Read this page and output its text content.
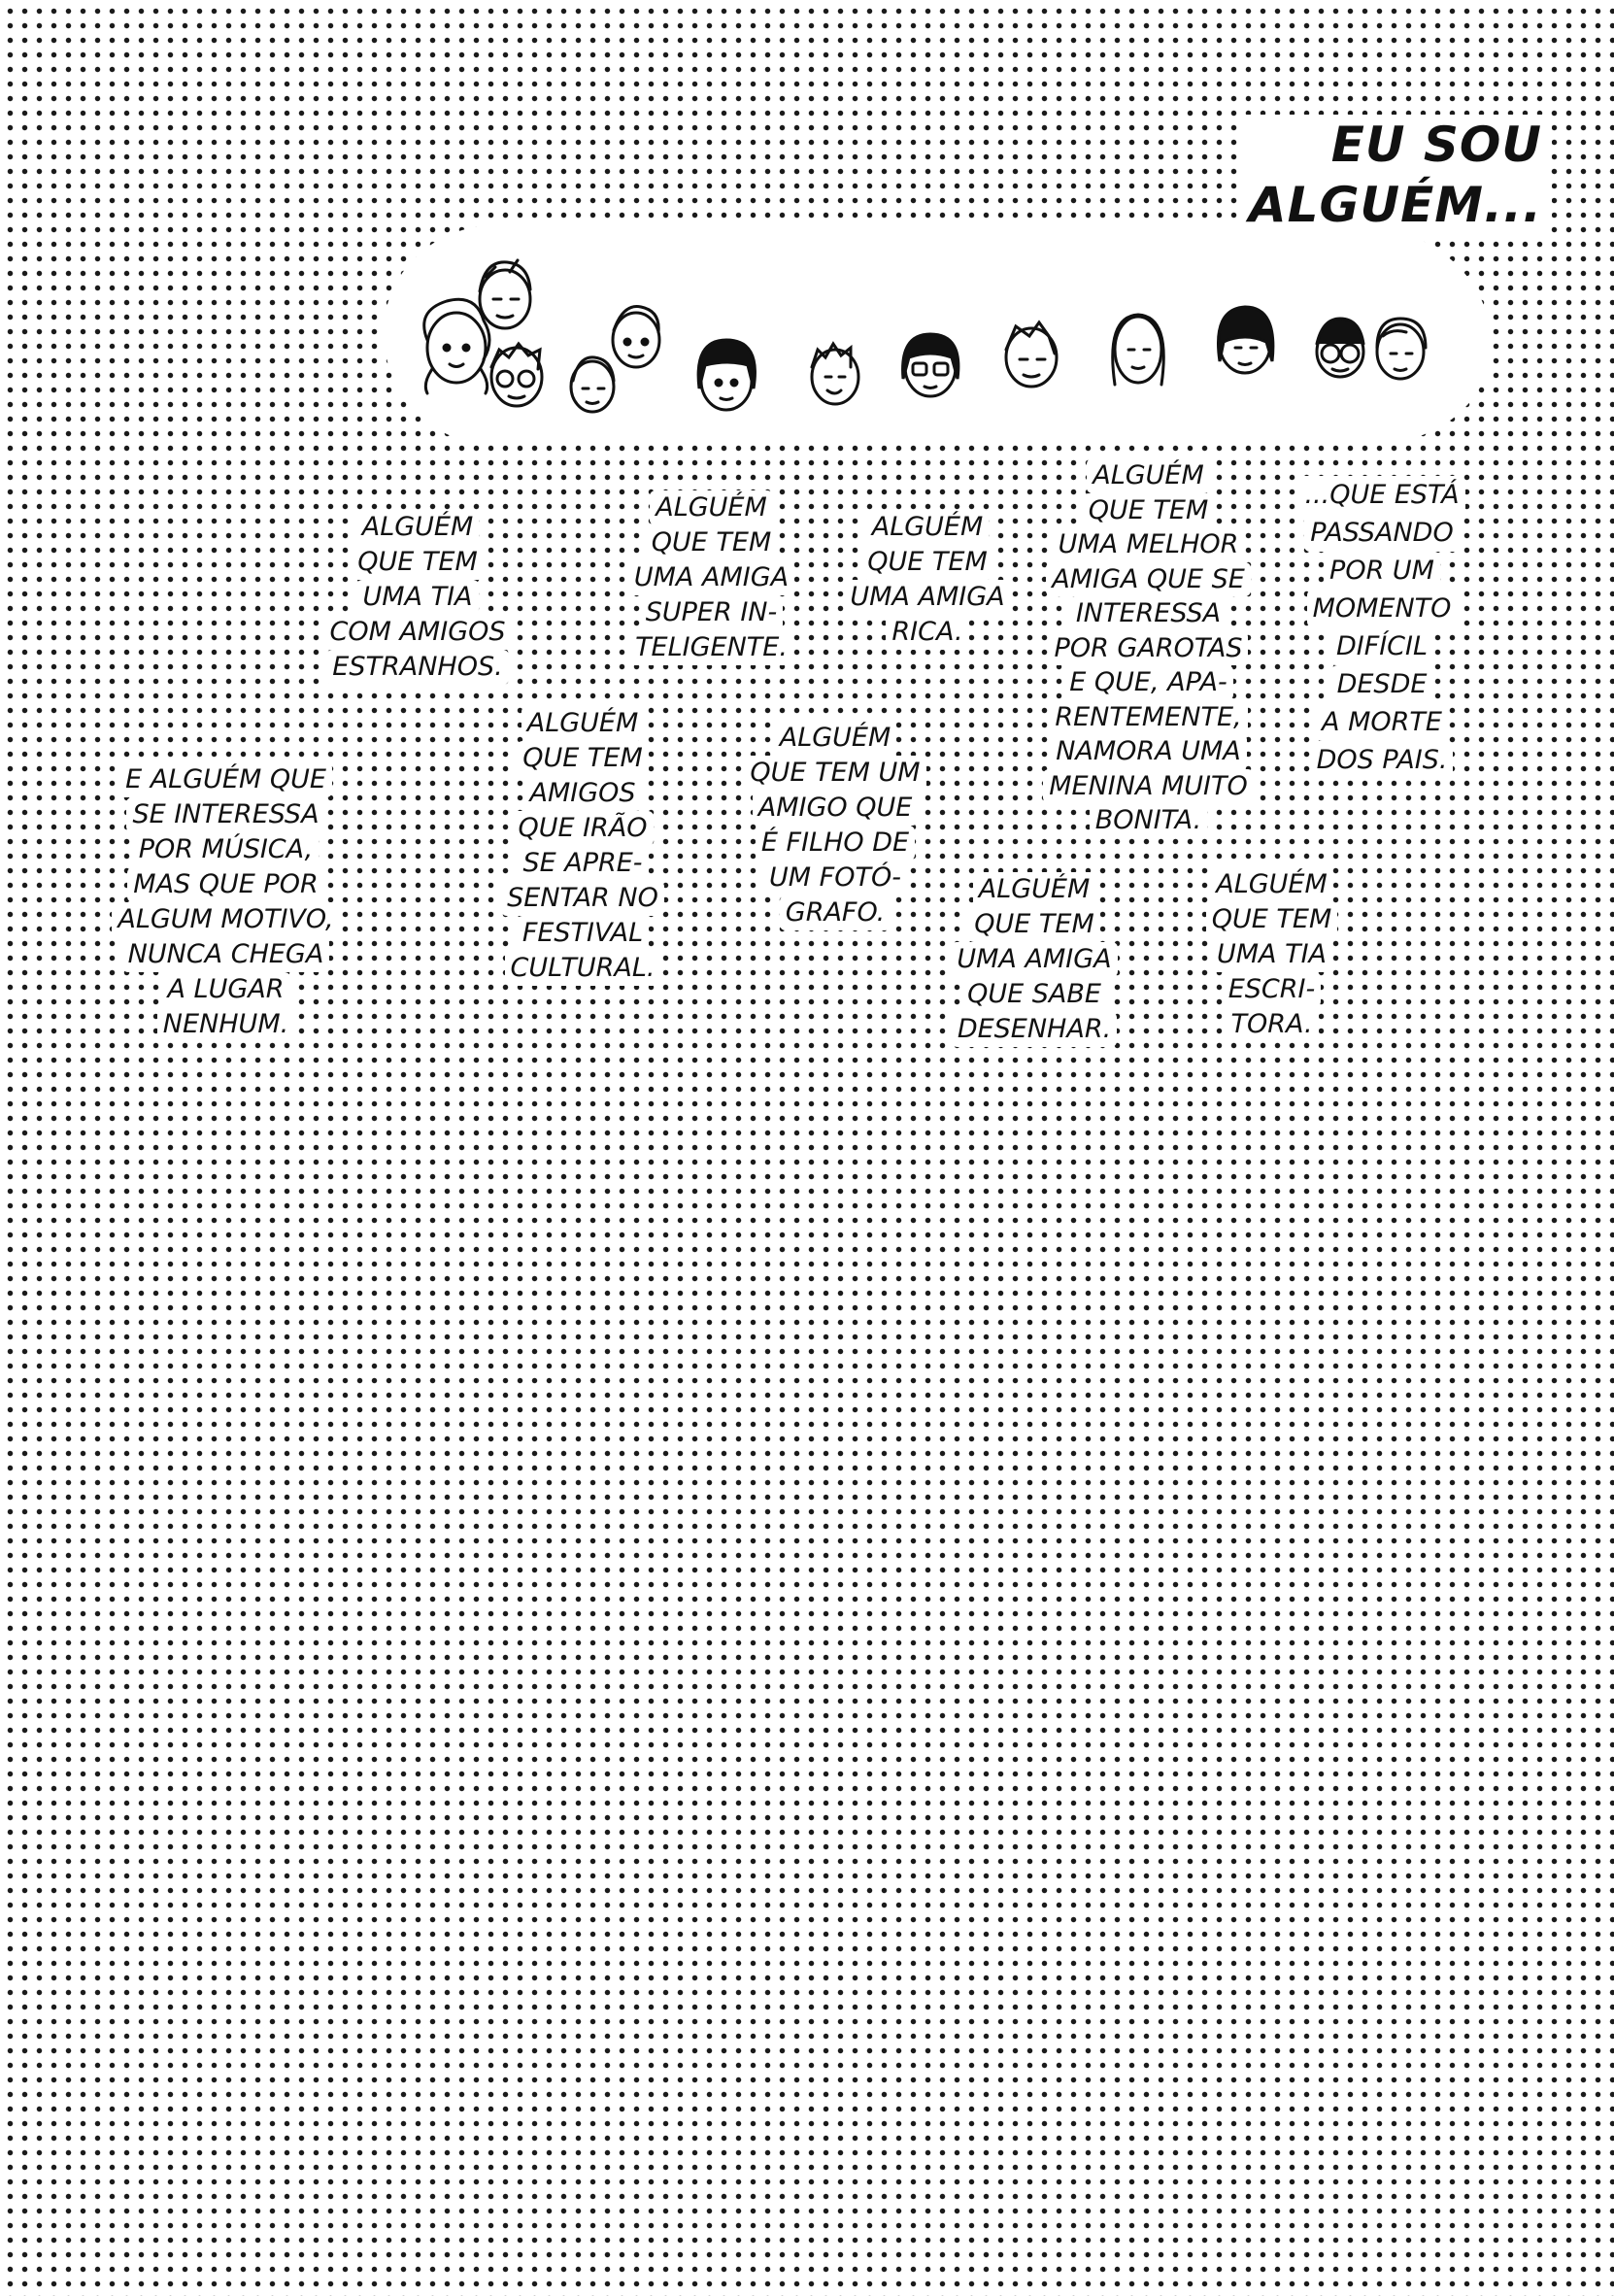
EU SOU
ALGUÉM...
ALGUÉM
QUE TEM
UMA TIA
COM AMIGOS
ESTRANHOS.
ALGUÉM
QUE TEM
UMA AMIGA
SUPER IN-
TELIGENTE.
ALGUÉM
QUE TEM
UMA AMIGA
RICA.
ALGUÉM
QUE TEM
UMA MELHOR
AMIGA QUE SE
INTERESSA
POR GAROTAS
E QUE, APA-
RENTEMENTE,
NAMORA UMA
MENINA MUITO
BONITA.
...QUE ESTÁ
PASSANDO
POR UM
MOMENTO
DIFÍCIL
DESDE
A MORTE
DOS PAIS.
ALGUÉM
QUE TEM
AMIGOS
QUE IRÃO
SE APRE-
SENTAR NO
FESTIVAL
CULTURAL.
ALGUÉM
QUE TEM UM
AMIGO QUE
É FILHO DE
UM FOTÓ-
GRAFO.
E ALGUÉM QUE
SE INTERESSA
POR MÚSICA,
MAS QUE POR
ALGUM MOTIVO,
NUNCA CHEGA
A LUGAR
NENHUM.
ALGUÉM
QUE TEM
UMA AMIGA
QUE SABE
DESENHAR.
ALGUÉM
QUE TEM
UMA TIA
ESCRI-
TORA.
